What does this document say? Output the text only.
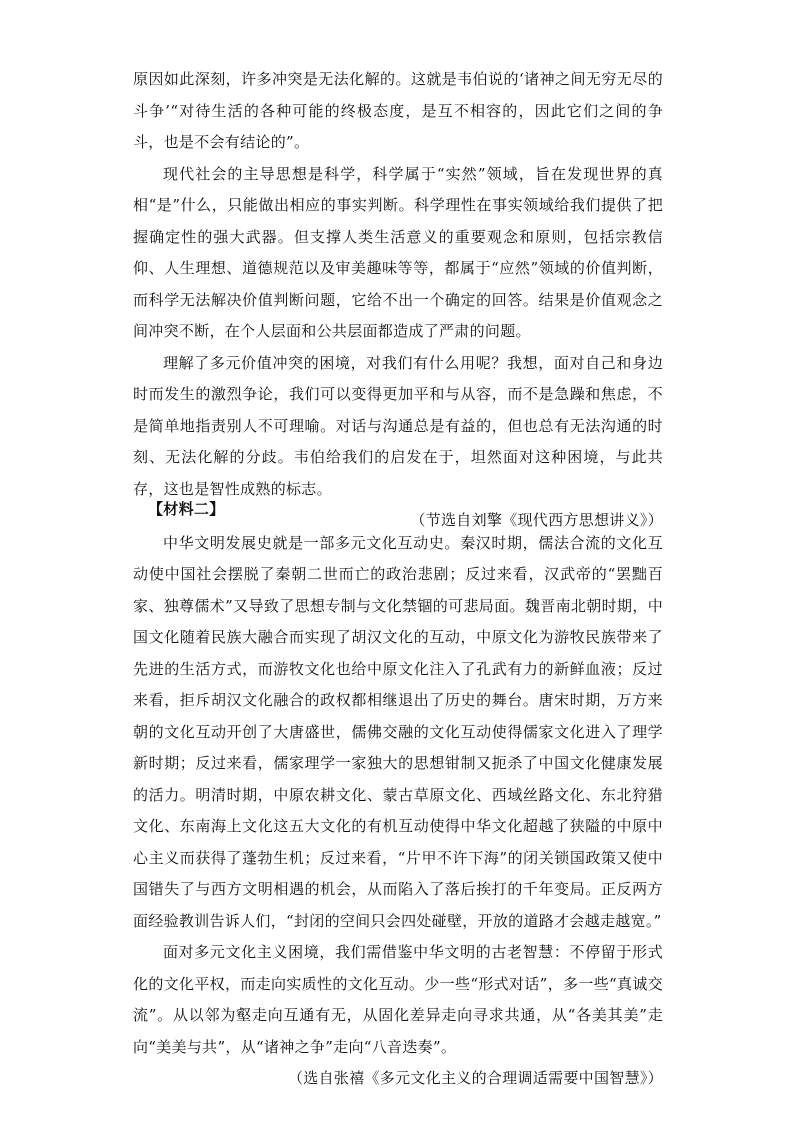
原因如此深刻，许多冲突是无法化解的。这就是韦伯说的‘诸神之间无穷无尽的斗争’“对待生活的各种可能的终极态度，是互不相容的，因此它们之间的争斗，也是不会有结论的”。

现代社会的主导思想是科学，科学属于“实然”领域，旨在发现世界的真相“是”什么，只能做出相应的事实判断。科学理性在事实领域给我们提供了把握确定性的强大武器。但支撑人类生活意义的重要观念和原则，包括宗教信仰、人生理想、道德规范以及审美趣味等等，都属于“应然”领域的价值判断，而科学无法解决价值判断问题，它给不出一个确定的回答。结果是价值观念之间冲突不断，在个人层面和公共层面都造成了严肃的问题。

理解了多元价值冲突的困境，对我们有什么用呢？我想，面对自己和身边时而发生的激烈争论，我们可以变得更加平和与从容，而不是急躁和焦虑，不是简单地指责别人不可理喻。对话与沟通总是有益的，但也总有无法沟通的时刻、无法化解的分歧。韦伯给我们的启发在于，坦然面对这种困境，与此共存，这也是智性成熟的标志。

（节选自刘擎《现代西方思想讲义》）

【材料二】

中华文明发展史就是一部多元文化互动史。秦汉时期，儒法合流的文化互动使中国社会摆脱了秦朝二世而亡的政治悲剧；反过来看，汉武帝的“罢黜百家、独尊儒术”又导致了思想专制与文化禁锢的可悲局面。魏晋南北朝时期，中国文化随着民族大融合而实现了胡汉文化的互动，中原文化为游牧民族带来了先进的生活方式，而游牧文化也给中原文化注入了孔武有力的新鲜血液；反过来看，拒斥胡汉文化融合的政权都相继退出了历史的舞台。唐宋时期，万方来朝的文化互动开创了大唐盛世，儒佛交融的文化互动使得儒家文化进入了理学新时期；反过来看，儒家理学一家独大的思想钳制又扼杀了中国文化健康发展的活力。明清时期，中原农耕文化、蒙古草原文化、西域丝路文化、东北狩猎文化、东南海上文化这五大文化的有机互动使得中华文化超越了狭隘的中原中心主义而获得了蓬勃生机；反过来看，“片甲不许下海”的闭关锁国政策又使中国错失了与西方文明相遇的机会，从而陷入了落后挨打的千年变局。正反两方面经验教训告诉人们，“封闭的空间只会四处碰壁，开放的道路才会越走越宽。”

面对多元文化主义困境，我们需借鉴中华文明的古老智慧：不停留于形式化的文化平权，而走向实质性的文化互动。少一些“形式对话”，多一些“真诚交流”。从以邻为壑走向互通有无，从固化差异走向寻求共通，从“各美其美”走向“美美与共”，从“诸神之争”走向“八音迭奏”。

（选自张禧《多元文化主义的合理调适需要中国智慧》）
